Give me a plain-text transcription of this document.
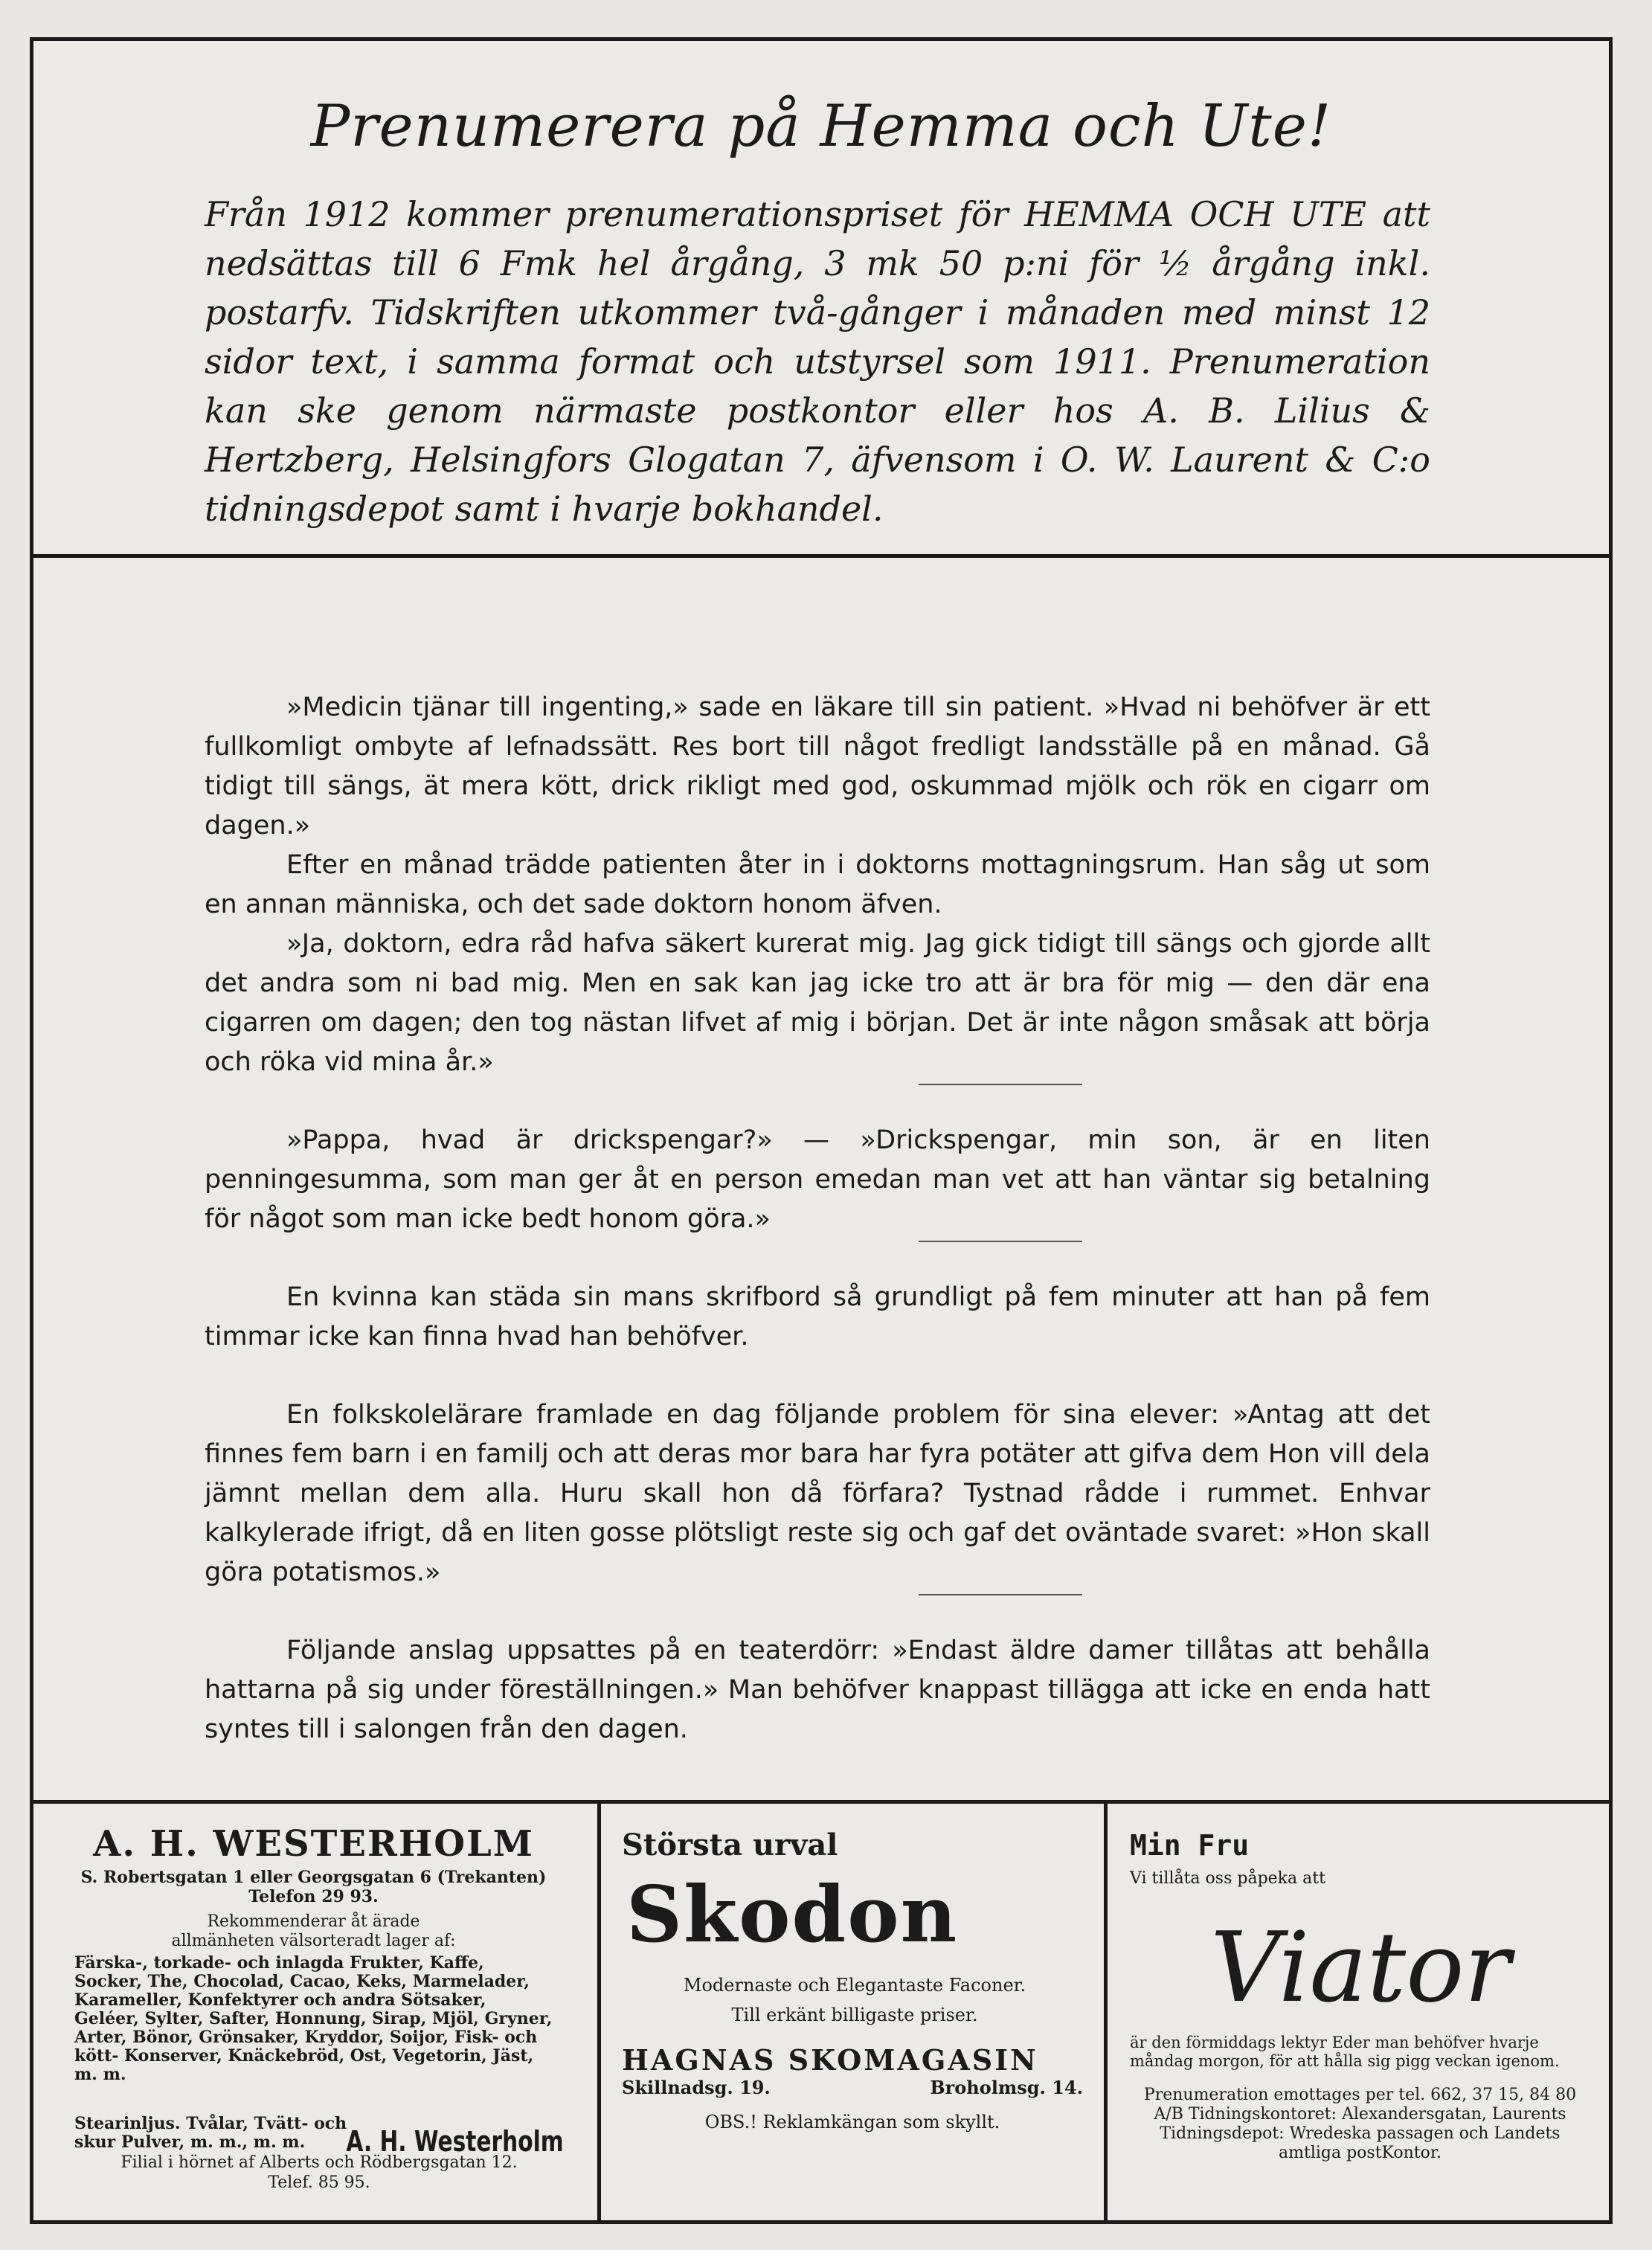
Prenumerera på Hemma och Ute!

Från 1912 kommer prenumerationspriset för HEMMA OCH UTE att nedsättas till 6 Fmk hel årgång, 3 mk 50 p:ni för ½ årgång inkl. postarfv. Tidskriften utkommer två-gånger i månaden med minst 12 sidor text, i samma format och utstyrsel som 1911. Prenumeration kan ske genom närmaste postkontor eller hos A. B. Lilius & Hertzberg, Helsingfors Glogatan 7, äfvensom i O. W. Laurent & C:o tidningsdepot samt i hvarje bokhandel.

»Medicin tjänar till ingenting,» sade en läkare till sin patient. »Hvad ni behöfver är ett fullkomligt ombyte af lefnadssätt. Res bort till något fredligt landsställe på en månad. Gå tidigt till sängs, ät mera kött, drick rikligt med god, oskummad mjölk och rök en cigarr om dagen.»

Efter en månad trädde patienten åter in i doktorns mottagningsrum. Han såg ut som en annan människa, och det sade doktorn honom äfven.

»Ja, doktorn, edra råd hafva säkert kurerat mig. Jag gick tidigt till sängs och gjorde allt det andra som ni bad mig. Men en sak kan jag icke tro att är bra för mig — den där ena cigarren om dagen; den tog nästan lifvet af mig i början. Det är inte någon småsak att börja och röka vid mina år.»

»Pappa, hvad är drickspengar?» — »Drickspengar, min son, är en liten penningesumma, som man ger åt en person emedan man vet att han väntar sig betalning för något som man icke bedt honom göra.»

En kvinna kan städa sin mans skrifbord så grundligt på fem minuter att han på fem timmar icke kan finna hvad han behöfver.

En folkskolelärare framlade en dag följande problem för sina elever: »Antag att det finnes fem barn i en familj och att deras mor bara har fyra potäter att gifva dem Hon vill dela jämnt mellan dem alla. Huru skall hon då förfara? Tystnad rådde i rummet. Enhvar kalkylerade ifrigt, då en liten gosse plötsligt reste sig och gaf det oväntade svaret: »Hon skall göra potatismos.»

Följande anslag uppsattes på en teaterdörr: »Endast äldre damer tillåtas att behålla hattarna på sig under föreställningen.» Man behöfver knappast tillägga att icke en enda hatt syntes till i salongen från den dagen.

A. H. WESTERHOLM
S. Robertsgatan 1 eller Georgsgatan 6 (Trekanten)
Telefon 29 93.
Rekommenderar åt ärade allmänheten välsorteradt lager af:
Färska-, torkade- och inlagda Frukter, Kaffe, Socker, The, Chocolad, Cacao, Keks, Marmelader, Karameller, Konfektyrer och andra Sötsaker, Geléer, Sylter, Safter, Honnung, Sirap, Mjöl, Gryner, Arter, Bönor, Grönsaker, Kryddor, Soijor, Fisk- och kött- Konserver, Knäckebröd, Ost, Vegetorin, Jäst, m. m.
Stearinljus. Tvålar, Tvätt- och skur Pulver, m. m., m. m.	A. H. Westerholm
Filial i hörnet af Alberts och Rödbergsgatan 12.
Telef. 85 95.
Största urval
Skodon
Modernaste och Elegantaste Faconer.
Till erkänt billigaste priser.
HAGNAS SKOMAGASIN
Skillnadsg. 19.	Broholmsg. 14.
OBS.! Reklamkängan som skyllt.
Min Fru
Vi tillåta oss påpeka att
Viator
är den förmiddags lektyr Eder man behöfver hvarje måndag morgon, för att hålla sig pigg veckan igenom.
Prenumeration emottages per tel. 662, 37 15, 84 80 A/B Tidningskontoret: Alexandersgatan, Laurents Tidningsdepot: Wredeska passagen och Landets amtliga postKontor.
